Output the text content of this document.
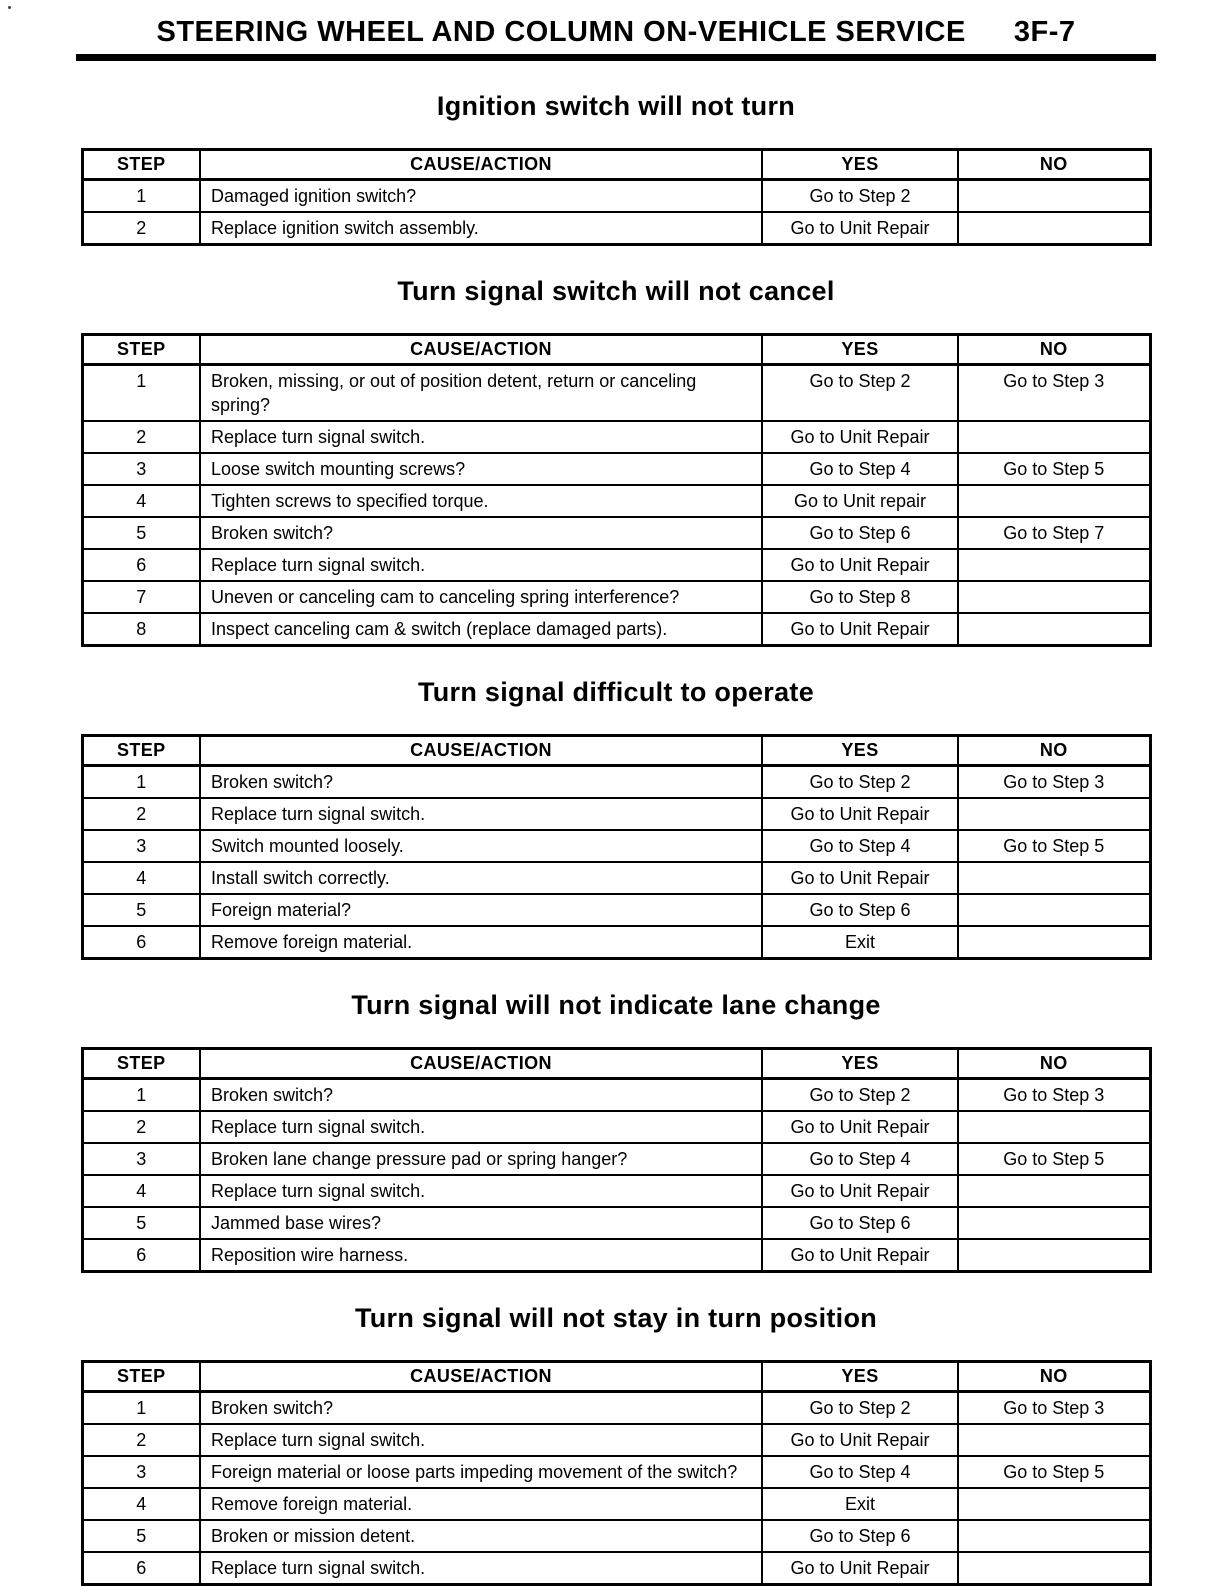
STEERING WHEEL AND COLUMN ON-VEHICLE SERVICE 3F-7
Ignition switch will not turn
STEP	CAUSE/ACTION	YES	NO
1	Damaged ignition switch?	Go to Step 2	
2	Replace ignition switch assembly.	Go to Unit Repair	
Turn signal switch will not cancel
STEP	CAUSE/ACTION	YES	NO
1	Broken, missing, or out of position detent, return or canceling spring?	Go to Step 2	Go to Step 3
2	Replace turn signal switch.	Go to Unit Repair	
3	Loose switch mounting screws?	Go to Step 4	Go to Step 5
4	Tighten screws to specified torque.	Go to Unit repair	
5	Broken switch?	Go to Step 6	Go to Step 7
6	Replace turn signal switch.	Go to Unit Repair	
7	Uneven or canceling cam to canceling spring interference?	Go to Step 8	
8	Inspect canceling cam & switch (replace damaged parts).	Go to Unit Repair	
Turn signal difficult to operate
STEP	CAUSE/ACTION	YES	NO
1	Broken switch?	Go to Step 2	Go to Step 3
2	Replace turn signal switch.	Go to Unit Repair	
3	Switch mounted loosely.	Go to Step 4	Go to Step 5
4	Install switch correctly.	Go to Unit Repair	
5	Foreign material?	Go to Step 6	
6	Remove foreign material.	Exit	
Turn signal will not indicate lane change
STEP	CAUSE/ACTION	YES	NO
1	Broken switch?	Go to Step 2	Go to Step 3
2	Replace turn signal switch.	Go to Unit Repair	
3	Broken lane change pressure pad or spring hanger?	Go to Step 4	Go to Step 5
4	Replace turn signal switch.	Go to Unit Repair	
5	Jammed base wires?	Go to Step 6	
6	Reposition wire harness.	Go to Unit Repair	
Turn signal will not stay in turn position
STEP	CAUSE/ACTION	YES	NO
1	Broken switch?	Go to Step 2	Go to Step 3
2	Replace turn signal switch.	Go to Unit Repair	
3	Foreign material or loose parts impeding movement of the switch?	Go to Step 4	Go to Step 5
4	Remove foreign material.	Exit	
5	Broken or mission detent.	Go to Step 6	
6	Replace turn signal switch.	Go to Unit Repair	
